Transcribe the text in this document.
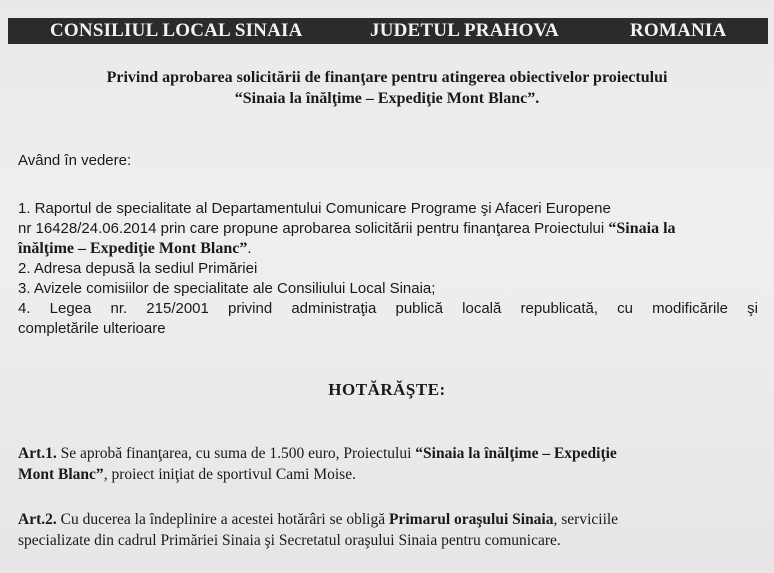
CONSILIUL LOCAL SINAIA	JUDETUL PRAHOVA	ROMANIA
Privind aprobarea solicitării de finanţare pentru atingerea obiectivelor proiectului
“Sinaia la înălţime – Expediţie Mont Blanc”.
Având în vedere:
1. Raportul de specialitate al Departamentului Comunicare Programe şi Afaceri Europene
nr 16428/24.06.2014 prin care propune aprobarea solicitării pentru finanţarea Proiectului “Sinaia la
înălţime – Expediţie Mont Blanc”.
2. Adresa depusă la sediul Primăriei
3. Avizele comisiilor de specialitate ale Consiliului Local Sinaia;
4. Legea nr. 215/2001 privind administraţia publică locală republicată, cu modificările şi
completările ulterioare
HOTĂRĂŞTE:
Art.1. Se aprobă finanţarea, cu suma de 1.500 euro, Proiectului “Sinaia la înălţime – Expediţie
Mont Blanc”, proiect iniţiat de sportivul Cami Moise.
Art.2. Cu ducerea la îndeplinire a acestei hotărâri se obligă Primarul oraşului Sinaia, serviciile
specializate din cadrul Primăriei Sinaia şi Secretatul oraşului Sinaia pentru comunicare.
